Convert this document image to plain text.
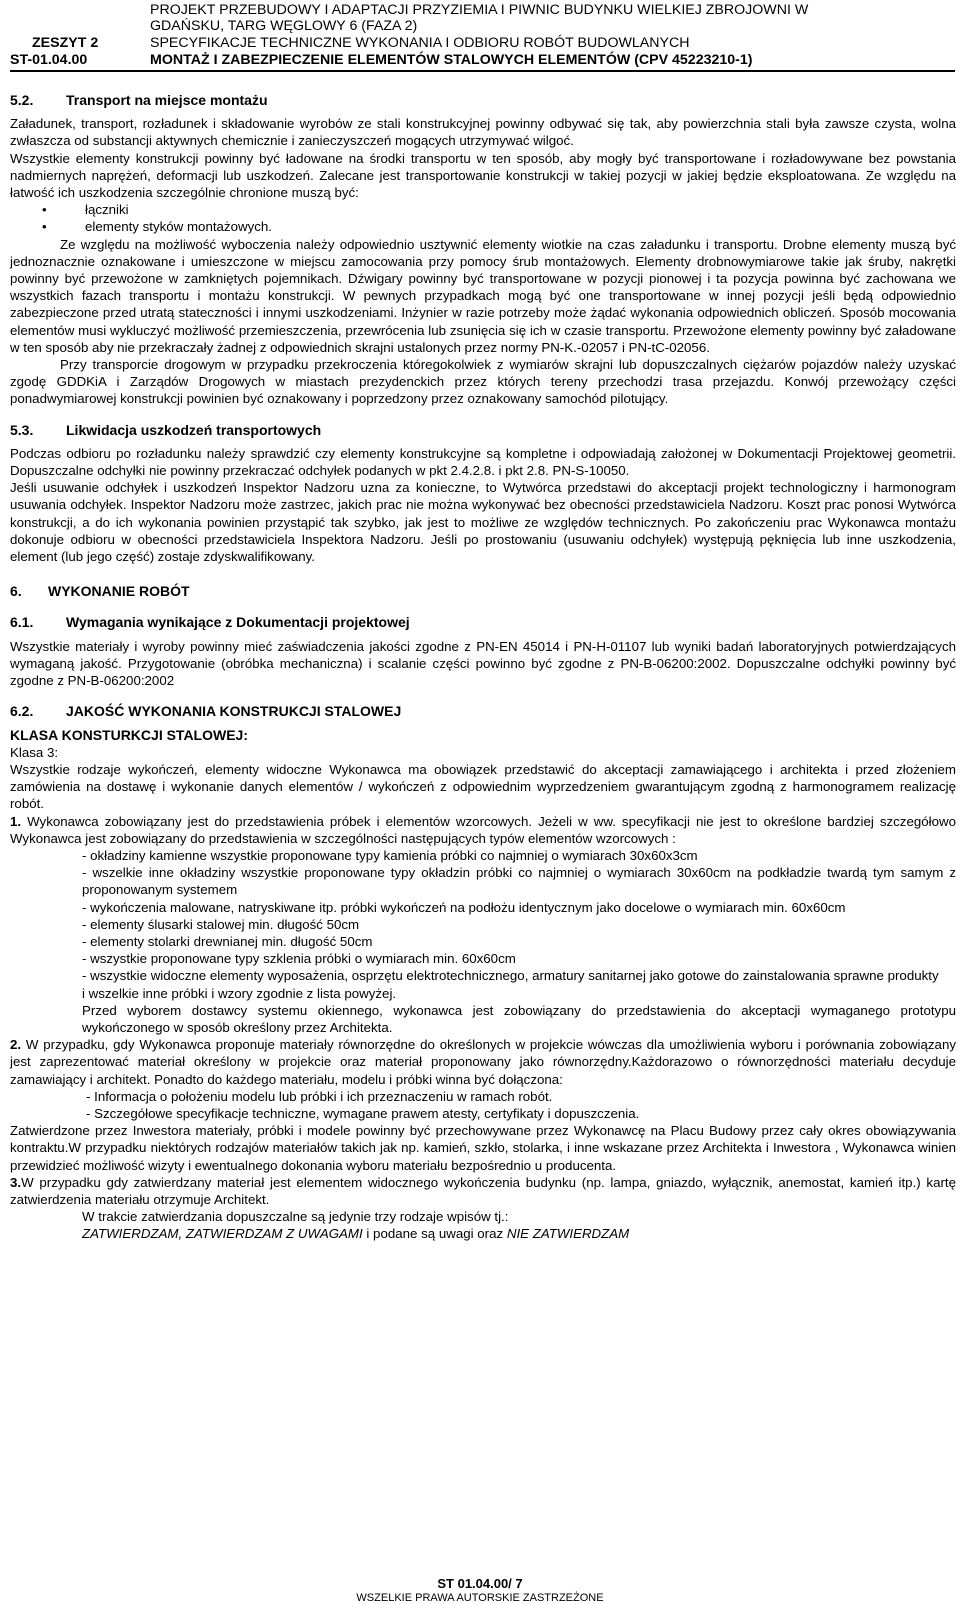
PROJEKT PRZEBUDOWY I ADAPTACJI PRZYZIEMIA I PIWNIC BUDYNKU WIELKIEJ ZBROJOWNI W
GDAŃSKU, TARG WĘGLOWY 6 (FAZA 2)
ZESZYT 2	SPECYFIKACJE TECHNICZNE WYKONANIA I ODBIORU ROBÓT BUDOWLANYCH
ST-01.04.00	MONTAŻ I ZABEZPIECZENIE ELEMENTÓW STALOWYCH ELEMENTÓW (CPV 45223210-1)

5.2. Transport na miejsce montażu

Załadunek, transport, rozładunek i składowanie wyrobów ze stali konstrukcyjnej powinny odbywać się tak, aby powierzchnia stali była zawsze czysta, wolna zwłaszcza od substancji aktywnych chemicznie i zanieczyszczeń mogących utrzymywać wilgoć.

Wszystkie elementy konstrukcji powinny być ładowane na środki transportu w ten sposób, aby mogły być transportowane i rozładowywane bez powstania nadmiernych naprężeń, deformacji lub uszkodzeń. Zalecane jest transportowanie konstrukcji w takiej pozycji w jakiej będzie eksploatowana. Ze względu na łatwość ich uszkodzenia szczególnie chronione muszą być:

• łączniki

• elementy styków montażowych.

Ze względu na możliwość wyboczenia należy odpowiednio usztywnić elementy wiotkie na czas załadunku i transportu. Drobne elementy muszą być jednoznacznie oznakowane i umieszczone w miejscu zamocowania przy pomocy śrub montażowych. Elementy drobnowymiarowe takie jak śruby, nakrętki powinny być przewożone w zamkniętych pojemnikach. Dźwigary powinny być transportowane w pozycji pionowej i ta pozycja powinna być zachowana we wszystkich fazach transportu i montażu konstrukcji. W pewnych przypadkach mogą być one transportowane w innej pozycji jeśli będą odpowiednio zabezpieczone przed utratą stateczności i innymi uszkodzeniami. Inżynier w razie potrzeby może żądać wykonania odpowiednich obliczeń. Sposób mocowania elementów musi wykluczyć możliwość przemieszczenia, przewrócenia lub zsunięcia się ich w czasie transportu. Przewożone elementy powinny być załadowane w ten sposób aby nie przekraczały żadnej z odpowiednich skrajni ustalonych przez normy PN-K.-02057 i PN-tC-02056.

Przy transporcie drogowym w przypadku przekroczenia któregokolwiek z wymiarów skrajni lub dopuszczalnych ciężarów pojazdów należy uzyskać zgodę GDDKiA i Zarządów Drogowych w miastach prezydenckich przez których tereny przechodzi trasa przejazdu. Konwój przewożący części ponadwymiarowej konstrukcji powinien być oznakowany i poprzedzony przez oznakowany samochód pilotujący.

5.3. Likwidacja uszkodzeń transportowych

Podczas odbioru po rozładunku należy sprawdzić czy elementy konstrukcyjne są kompletne i odpowiadają założonej w Dokumentacji Projektowej geometrii. Dopuszczalne odchyłki nie powinny przekraczać odchyłek podanych w pkt 2.4.2.8. i pkt 2.8. PN-S-10050.

Jeśli usuwanie odchyłek i uszkodzeń Inspektor Nadzoru uzna za konieczne, to Wytwórca przedstawi do akceptacji projekt technologiczny i harmonogram usuwania odchyłek. Inspektor Nadzoru może zastrzec, jakich prac nie można wykonywać bez obecności przedstawiciela Nadzoru. Koszt prac ponosi Wytwórca konstrukcji, a do ich wykonania powinien przystąpić tak szybko, jak jest to możliwe ze względów technicznych. Po zakończeniu prac Wykonawca montażu dokonuje odbioru w obecności przedstawiciela Inspektora Nadzoru. Jeśli po prostowaniu (usuwaniu odchyłek) występują pęknięcia lub inne uszkodzenia, element (lub jego część) zostaje zdyskwalifikowany.

6. WYKONANIE ROBÓT

6.1. Wymagania wynikające z Dokumentacji projektowej

Wszystkie materiały i wyroby powinny mieć zaświadczenia jakości zgodne z PN-EN 45014 i PN-H-01107 lub wyniki badań laboratoryjnych potwierdzających wymaganą jakość. Przygotowanie (obróbka mechaniczna) i scalanie części powinno być zgodne z PN-B-06200:2002. Dopuszczalne odchyłki powinny być zgodne z PN-B-06200:2002

6.2. JAKOŚĆ WYKONANIA KONSTRUKCJI STALOWEJ

KLASA KONSTURKCJI STALOWEJ:

Klasa 3:

Wszystkie rodzaje wykończeń, elementy widoczne Wykonawca ma obowiązek przedstawić do akceptacji zamawiającego i architekta i przed złożeniem zamówienia na dostawę i wykonanie danych elementów / wykończeń z odpowiednim wyprzedzeniem gwarantującym zgodną z harmonogramem realizację robót.

1. Wykonawca zobowiązany jest do przedstawienia próbek i elementów wzorcowych. Jeżeli w ww. specyfikacji nie jest to określone bardziej szczegółowo Wykonawca jest zobowiązany do przedstawienia w szczególności następujących typów elementów wzorcowych :

- okładziny kamienne wszystkie proponowane typy kamienia próbki co najmniej o wymiarach 30x60x3cm

- wszelkie inne okładziny wszystkie proponowane typy okładzin próbki co najmniej o wymiarach 30x60cm na podkładzie twardą tym samym z proponowanym systemem

- wykończenia malowane, natryskiwane itp. próbki wykończeń na podłożu identycznym jako docelowe o wymiarach min. 60x60cm

- elementy ślusarki stalowej min. długość 50cm

- elementy stolarki drewnianej min. długość 50cm

- wszystkie proponowane typy szklenia próbki o wymiarach min. 60x60cm

- wszystkie widoczne elementy wyposażenia, osprzętu elektrotechnicznego, armatury sanitarnej jako gotowe do zainstalowania sprawne produkty

i wszelkie inne próbki i wzory zgodnie z lista powyżej.

Przed wyborem dostawcy systemu okiennego, wykonawca jest zobowiązany do przedstawienia do akceptacji wymaganego prototypu wykończonego w sposób określony przez Architekta.

2. W przypadku, gdy Wykonawca proponuje materiały równorzędne do określonych w projekcie wówczas dla umożliwienia wyboru i porównania zobowiązany jest zaprezentować materiał określony w projekcie oraz materiał proponowany jako równorzędny.Każdorazowo o równorzędności materiału decyduje zamawiający i architekt. Ponadto do każdego materiału, modelu i próbki winna być dołączona:

- Informacja o położeniu modelu lub próbki i ich przeznaczeniu w ramach robót.

- Szczegółowe specyfikacje techniczne, wymagane prawem atesty, certyfikaty i dopuszczenia.

Zatwierdzone przez Inwestora materiały, próbki i modele powinny być przechowywane przez Wykonawcę na Placu Budowy przez cały okres obowiązywania kontraktu.W przypadku niektórych rodzajów materiałów takich jak np. kamień, szkło, stolarka, i inne wskazane przez Architekta i Inwestora , Wykonawca winien przewidzieć możliwość wizyty i ewentualnego dokonania wyboru materiału bezpośrednio u producenta.

3.W przypadku gdy zatwierdzany materiał jest elementem widocznego wykończenia budynku (np. lampa, gniazdo, wyłącznik, anemostat, kamień itp.) kartę zatwierdzenia materiału otrzymuje Architekt.

W trakcie zatwierdzania dopuszczalne są jedynie trzy rodzaje wpisów tj.:

ZATWIERDZAM, ZATWIERDZAM Z UWAGAMI i podane są uwagi oraz NIE ZATWIERDZAM

ST 01.04.00/ 7
WSZELKIE PRAWA AUTORSKIE ZASTRZEŻONE
